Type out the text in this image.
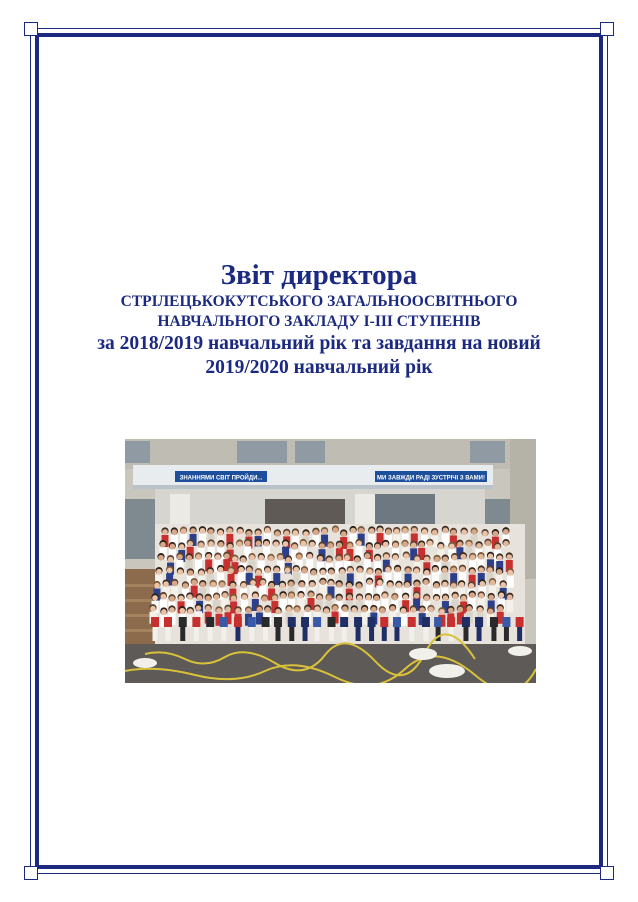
Звіт директора
СТРІЛЕЦЬКОКУТСЬКОГО ЗАГАЛЬНООСВІТНЬОГО
НАВЧАЛЬНОГО ЗАКЛАДУ І-ІІІ СТУПЕНІВ
за 2018/2019 навчальний рік та завдання на новий
2019/2020 навчальний рік
ЗНАННЯМИ СВІТ ПРОЙДИ...	МИ ЗАВЖДИ РАДІ ЗУСТРІЧІ З ВАМИ!
